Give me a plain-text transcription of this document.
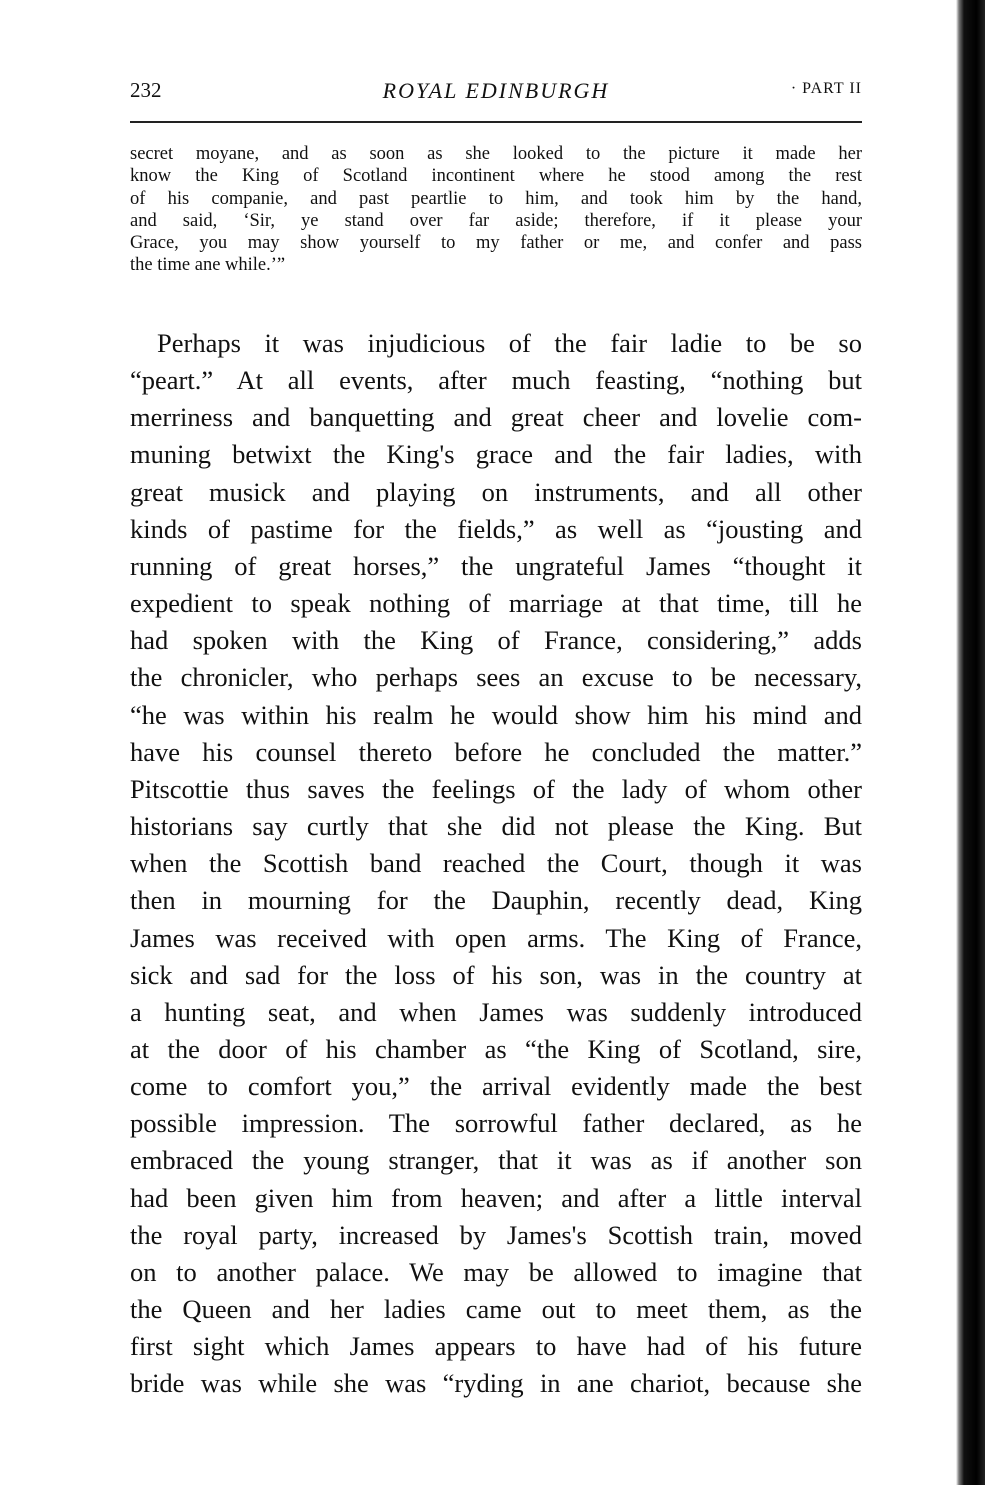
232	ROYAL EDINBURGH	· PART II
secret moyane, and as soon as she looked to the picture it made her
know the King of Scotland incontinent where he stood among the rest
of his companie, and past peartlie to him, and took him by the hand,
and said, ‘Sir, ye stand over far aside; therefore, if it please your
Grace, you may show yourself to my father or me, and confer and pass
the time ane while.’”
Perhaps it was injudicious of the fair ladie to be so
“peart.” At all events, after much feasting, “nothing but
merriness and banquetting and great cheer and lovelie com-
muning betwixt the King's grace and the fair ladies, with
great musick and playing on instruments, and all other
kinds of pastime for the fields,” as well as “jousting and
running of great horses,” the ungrateful James “thought it
expedient to speak nothing of marriage at that time, till he
had spoken with the King of France, considering,” adds
the chronicler, who perhaps sees an excuse to be necessary,
“he was within his realm he would show him his mind and
have his counsel thereto before he concluded the matter.”
Pitscottie thus saves the feelings of the lady of whom other
historians say curtly that she did not please the King. But
when the Scottish band reached the Court, though it was
then in mourning for the Dauphin, recently dead, King
James was received with open arms. The King of France,
sick and sad for the loss of his son, was in the country at
a hunting seat, and when James was suddenly introduced
at the door of his chamber as “the King of Scotland, sire,
come to comfort you,” the arrival evidently made the best
possible impression. The sorrowful father declared, as he
embraced the young stranger, that it was as if another son
had been given him from heaven; and after a little interval
the royal party, increased by James's Scottish train, moved
on to another palace. We may be allowed to imagine that
the Queen and her ladies came out to meet them, as the
first sight which James appears to have had of his future
bride was while she was “ryding in ane chariot, because she
